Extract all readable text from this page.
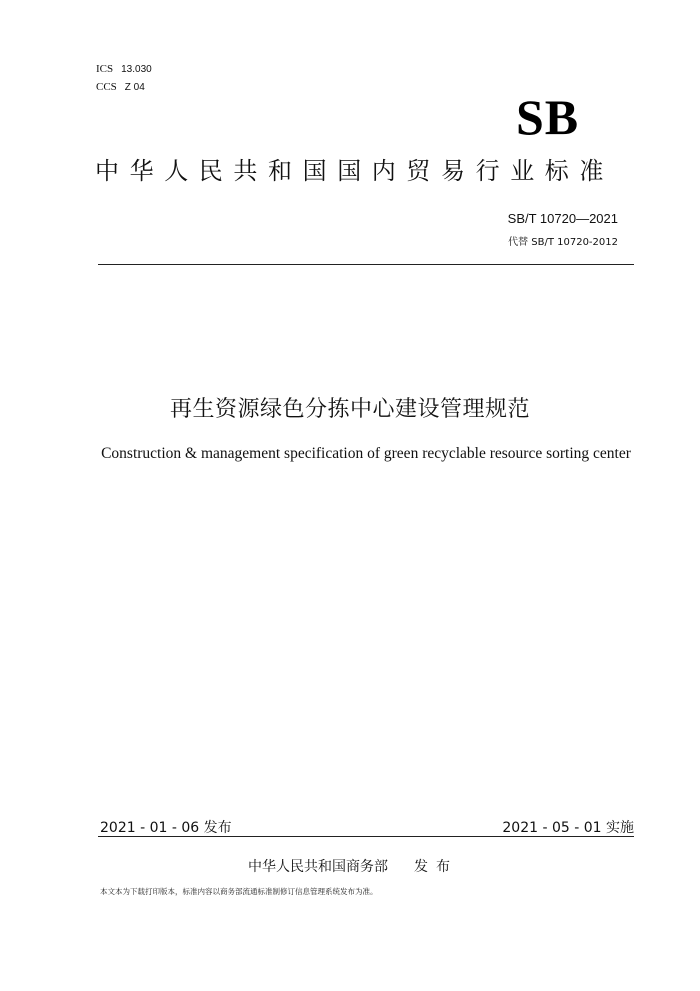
ICS 13.030
CCS Z 04
SB
中华人民共和国国内贸易行业标准
SB/T 10720—2021
代替 SB/T 10720-2012
再生资源绿色分拣中心建设管理规范
Construction & management specification of green recyclable resource sorting center
2021 - 01 - 06 发布	2021 - 05 - 01 实施
中华人民共和国商务部 发布
本文本为下载打印版本，标准内容以商务部流通标准制修订信息管理系统发布为准。
